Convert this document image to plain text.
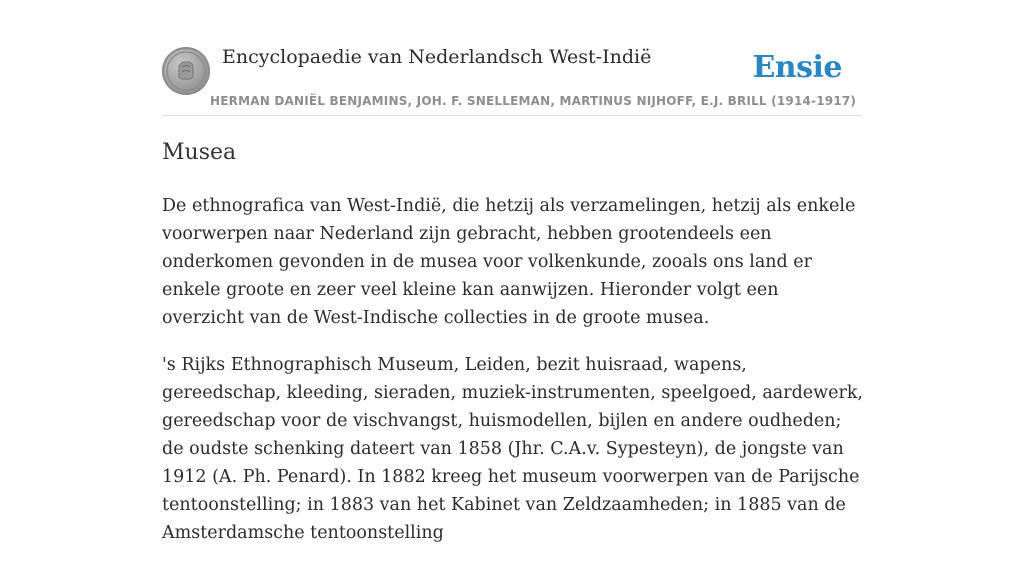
Encyclopaedie van Nederlandsch West-Indië	Ensie
HERMAN DANIËL BENJAMINS, JOH. F. SNELLEMAN, MARTINUS NIJHOFF, E.J. BRILL (1914-1917)
Musea

De ethnografica van West-Indië, die hetzij als verzamelingen, hetzij als enkele voorwerpen naar Nederland zijn gebracht, hebben grootendeels een onderkomen gevonden in de musea voor volkenkunde, zooals ons land er enkele groote en zeer veel kleine kan aanwijzen. Hieronder volgt een overzicht van de West-Indische collecties in de groote musea.

's Rijks Ethnographisch Museum, Leiden, bezit huisraad, wapens, gereedschap, kleeding, sieraden, muziek-instrumenten, speelgoed, aardewerk, gereedschap voor de vischvangst, huismodellen, bijlen en andere oudheden; de oudste schenking dateert van 1858 (Jhr. C.A.v. Sypesteyn), de jongste van 1912 (A. Ph. Penard). In 1882 kreeg het museum voorwerpen van de Parijsche tentoonstelling; in 1883 van het Kabinet van Zeldzaamheden; in 1885 van de Amsterdamsche tentoonstelling
